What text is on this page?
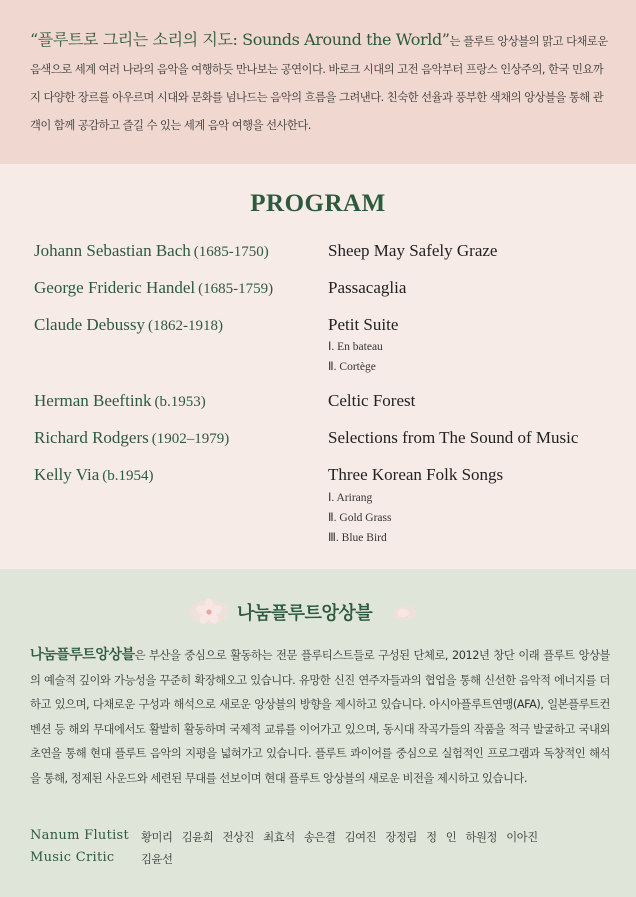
“플루트로 그리는 소리의 지도: Sounds Around the World”는 플루트 앙상블의 맑고 다채로운 음색으로 세계 여러 나라의 음악을 여행하듯 만나보는 공연이다. 바로크 시대의 고전 음악부터 프랑스 인상주의, 한국 민요까지 다양한 장르를 아우르며 시대와 문화를 넘나드는 음악의 흐름을 그려낸다. 친숙한 선율과 풍부한 색채의 앙상블을 통해 관객이 함께 공감하고 즐길 수 있는 세계 음악 여행을 선사한다.

PROGRAM
Johann Sebastian Bach (1685-1750)	Sheep May Safely Graze
George Frideric Handel (1685-1759)	Passacaglia
Claude Debussy (1862-1918)	Petit Suite
Ⅰ. En bateau
Ⅱ. Cortège
Herman Beeftink (b.1953)	Celtic Forest
Richard Rodgers (1902–1979)	Selections from The Sound of Music
Kelly Via (b.1954)	Three Korean Folk Songs
Ⅰ. Arirang
Ⅱ. Gold Grass
Ⅲ. Blue Bird
나눔플루트앙상블

나눔플루트앙상블은 부산을 중심으로 활동하는 전문 플루티스트들로 구성된 단체로, 2012년 창단 이래 플루트 앙상블의 예술적 깊이와 가능성을 꾸준히 확장해오고 있습니다. 유망한 신진 연주자들과의 협업을 통해 신선한 음악적 에너지를 더하고 있으며, 다채로운 구성과 해석으로 새로운 앙상블의 방향을 제시하고 있습니다. 아시아플루트연맹(AFA), 일본플루트컨벤션 등 해외 무대에서도 활발히 활동하며 국제적 교류를 이어가고 있으며, 동시대 작곡가들의 작품을 적극 발굴하고 국내외 초연을 통해 현대 플루트 음악의 지평을 넓혀가고 있습니다. 플루트 콰이어를 중심으로 실험적인 프로그램과 독창적인 해석을 통해, 정제된 사운드와 세련된 무대를 선보이며 현대 플루트 앙상블의 새로운 비전을 제시하고 있습니다.

Nanum Flutist 황미리 김윤희 전상진 최효석 송은결 김여진 장정림 정 인 하원정 이아진
Music Critic 김윤선
